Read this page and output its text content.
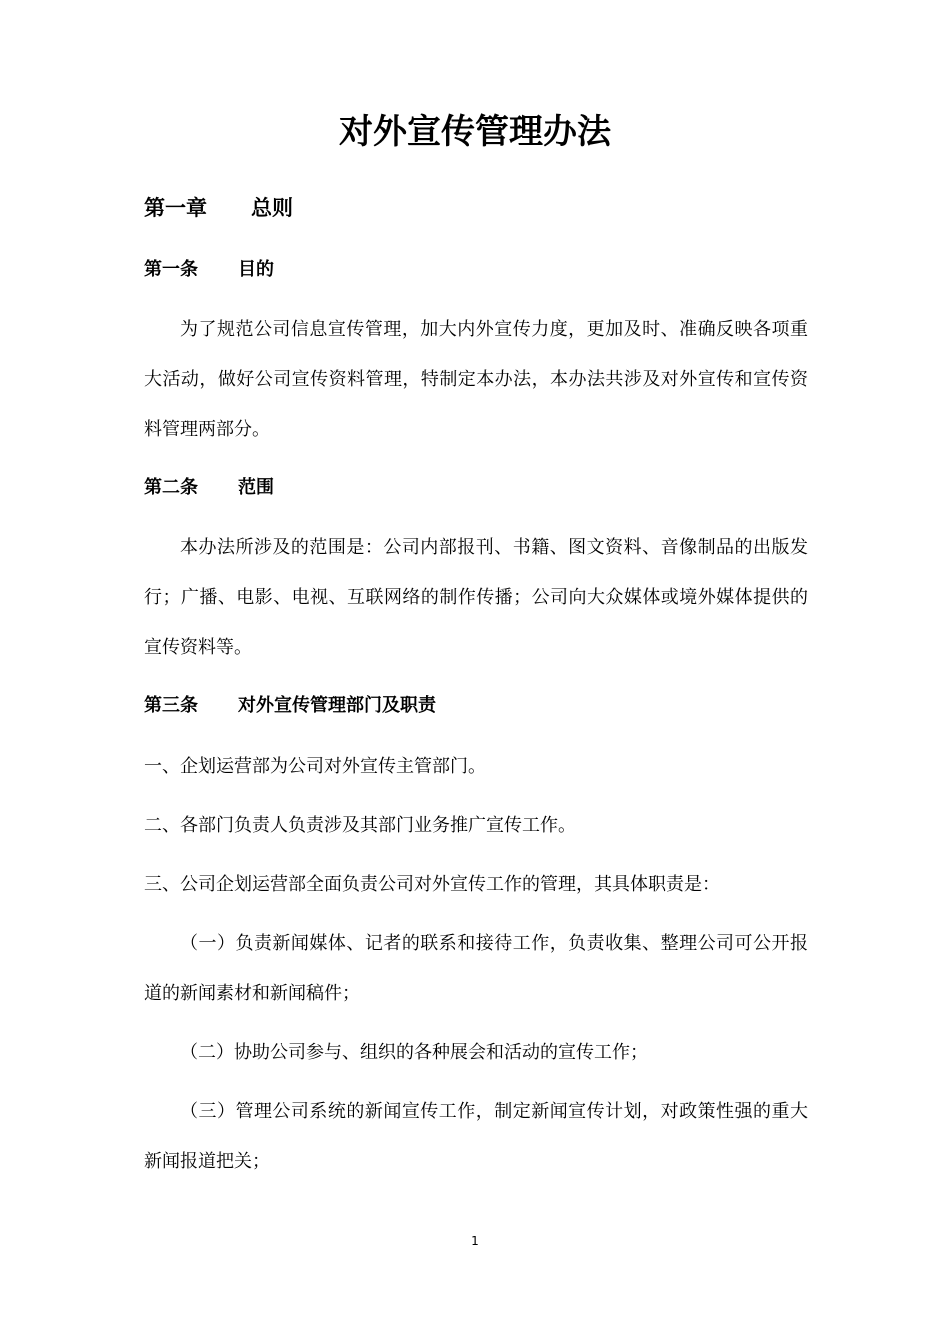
对外宣传管理办法
第一章 总则
第一条 目的
为了规范公司信息宣传管理，加大内外宣传力度，更加及时、准确反映各项重大活动，做好公司宣传资料管理，特制定本办法，本办法共涉及对外宣传和宣传资料管理两部分。
第二条 范围
本办法所涉及的范围是：公司内部报刊、书籍、图文资料、音像制品的出版发行；广播、电影、电视、互联网络的制作传播；公司向大众媒体或境外媒体提供的宣传资料等。
第三条 对外宣传管理部门及职责
一、企划运营部为公司对外宣传主管部门。
二、各部门负责人负责涉及其部门业务推广宣传工作。
三、公司企划运营部全面负责公司对外宣传工作的管理，其具体职责是：
（一）负责新闻媒体、记者的联系和接待工作，负责收集、整理公司可公开报道的新闻素材和新闻稿件；
（二）协助公司参与、组织的各种展会和活动的宣传工作；
（三）管理公司系统的新闻宣传工作，制定新闻宣传计划，对政策性强的重大新闻报道把关；
1
